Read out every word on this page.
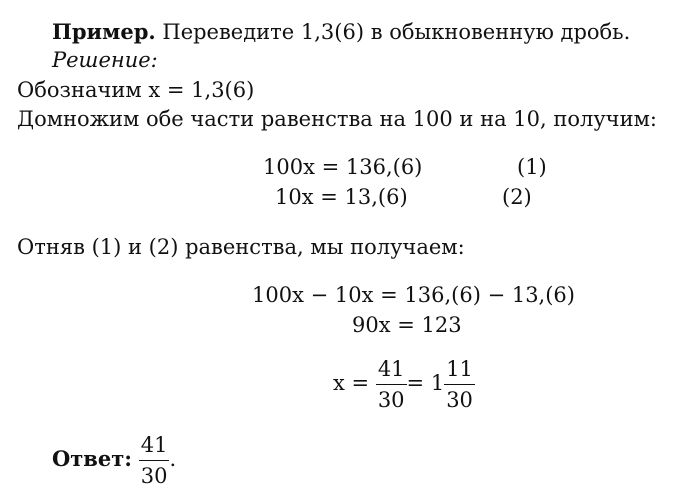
Пример. Переведите 1,3(6) в обыкновенную дробь.
Решение:
Обозначим x = 1,3(6)
Домножим обе части равенства на 100 и на 10, получим:
100x = 136,(6)	(1)
10x = 13,(6)	(2)
Отняв (1) и (2) равенства, мы получаем:
100x − 10x = 136,(6) − 13,(6)
90x = 123
$x = \frac{41}{30} = 1 \frac{11}{30}$
Ответ: $\frac{41}{30}$ .
